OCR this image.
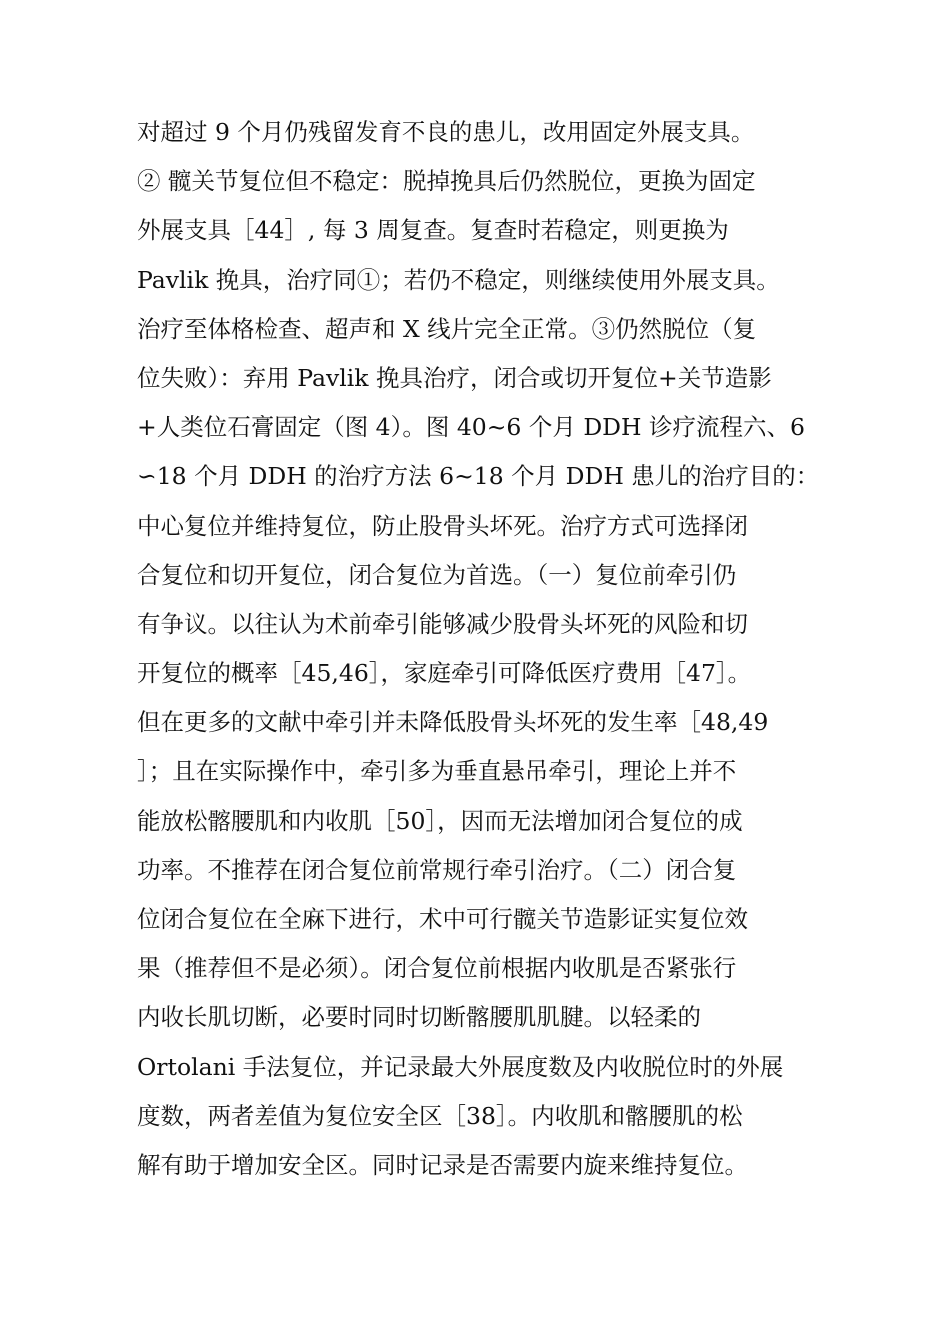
对超过 9 个月仍残留发育不良的患儿，改用固定外展支具。
② 髋关节复位但不稳定：脱掉挽具后仍然脱位，更换为固定
外展支具［44］, 每 3 周复查。复查时若稳定，则更换为
Pavlik 挽具，治疗同①；若仍不稳定，则继续使用外展支具。
治疗至体格检查、超声和 X 线片完全正常。③仍然脱位（复
位失败）：弃用 Pavlik 挽具治疗，闭合或切开复位+关节造影
+人类位石膏固定（图 4）。图 40~6 个月 DDH 诊疗流程六、6
∽18 个月 DDH 的治疗方法 6~18 个月 DDH 患儿的治疗目的：
中心复位并维持复位，防止股骨头坏死。治疗方式可选择闭
合复位和切开复位，闭合复位为首选。（一）复位前牵引仍
有争议。以往认为术前牵引能够减少股骨头坏死的风险和切
开复位的概率［45,46］，家庭牵引可降低医疗费用［47］。
但在更多的文献中牵引并未降低股骨头坏死的发生率［48,49
］；且在实际操作中，牵引多为垂直悬吊牵引，理论上并不
能放松髂腰肌和内收肌［50］，因而无法增加闭合复位的成
功率。不推荐在闭合复位前常规行牵引治疗。（二）闭合复
位闭合复位在全麻下进行，术中可行髋关节造影证实复位效
果（推荐但不是必须）。闭合复位前根据内收肌是否紧张行
内收长肌切断，必要时同时切断髂腰肌肌腱。以轻柔的
Ortolani 手法复位，并记录最大外展度数及内收脱位时的外展
度数，两者差值为复位安全区［38］。内收肌和髂腰肌的松
解有助于增加安全区。同时记录是否需要内旋来维持复位。
